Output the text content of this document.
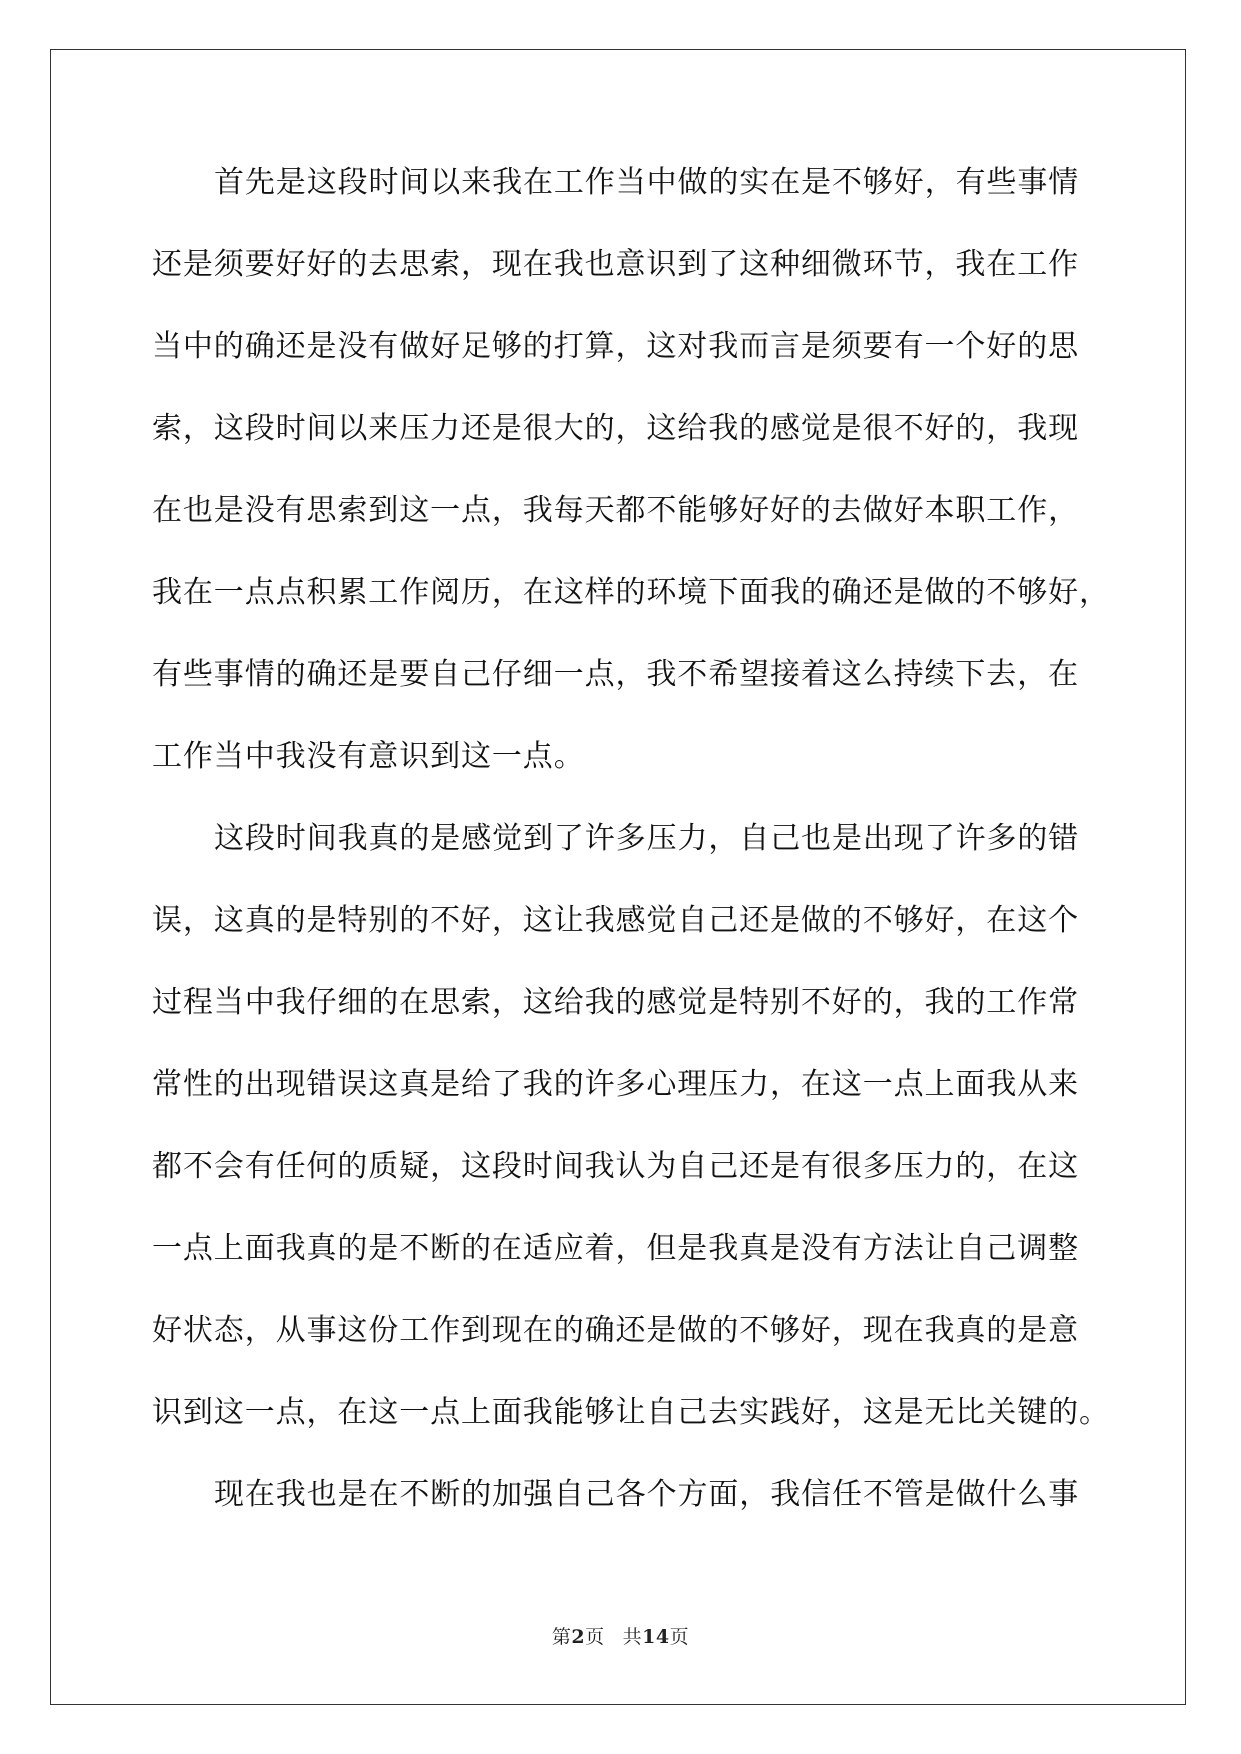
首先是这段时间以来我在工作当中做的实在是不够好，有些事情
还是须要好好的去思索，现在我也意识到了这种细微环节，我在工作
当中的确还是没有做好足够的打算，这对我而言是须要有一个好的思
索，这段时间以来压力还是很大的，这给我的感觉是很不好的，我现
在也是没有思索到这一点，我每天都不能够好好的去做好本职工作，
我在一点点积累工作阅历，在这样的环境下面我的确还是做的不够好，
有些事情的确还是要自己仔细一点，我不希望接着这么持续下去，在
工作当中我没有意识到这一点。
这段时间我真的是感觉到了许多压力，自己也是出现了许多的错
误，这真的是特别的不好，这让我感觉自己还是做的不够好，在这个
过程当中我仔细的在思索，这给我的感觉是特别不好的，我的工作常
常性的出现错误这真是给了我的许多心理压力，在这一点上面我从来
都不会有任何的质疑，这段时间我认为自己还是有很多压力的，在这
一点上面我真的是不断的在适应着，但是我真是没有方法让自己调整
好状态，从事这份工作到现在的确还是做的不够好，现在我真的是意
识到这一点，在这一点上面我能够让自己去实践好，这是无比关键的。
现在我也是在不断的加强自己各个方面，我信任不管是做什么事
第2页 共14页
